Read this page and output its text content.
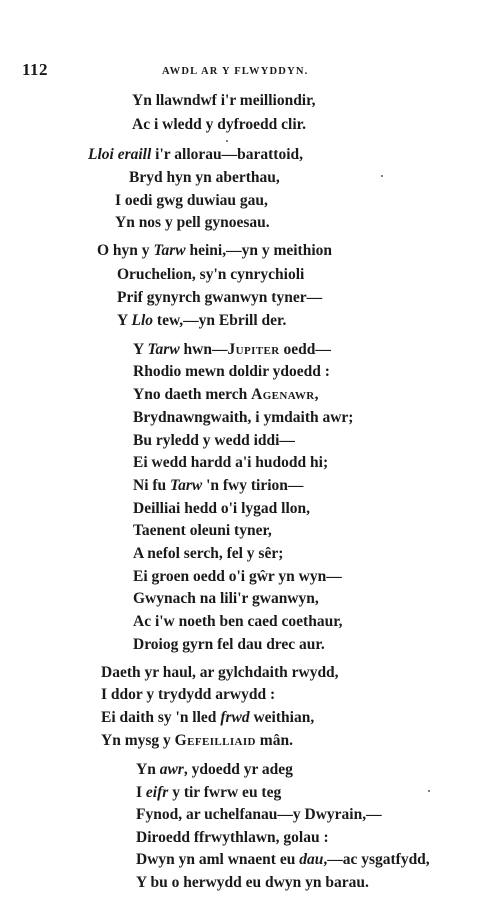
112	AWDL AR Y FLWYDDYN.
Yn llawndwf i'r meilliondir,
Ac i wledd y dyfroedd clir.
Lloi eraill i'r allorau—barattoid,
Bryd hyn yn aberthau,
I oedi gwg duwiau gau,
Yn nos y pell gynoesau.
O hyn y Tarw heini,—yn y meithion
Oruchelion, sy'n cynrychioli
Prif gynyrch gwanwyn tyner—
Y Llo tew,—yn Ebrill der.
Y Tarw hwn—Jupiter oedd—
Rhodio mewn doldir ydoedd :
Yno daeth merch Agenawr,
Brydnawngwaith, i ymdaith awr;
Bu ryledd y wedd iddi—
Ei wedd hardd a'i hudodd hi;
Ni fu Tarw 'n fwy tirion—
Deilliai hedd o'i lygad llon,
Taenent oleuni tyner,
A nefol serch, fel y sêr;
Ei groen oedd o'i gŵr yn wyn—
Gwynach na lili'r gwanwyn,
Ac i'w noeth ben caed coethaur,
Droiog gyrn fel dau drec aur.
Daeth yr haul, ar gylchdaith rwydd,
I ddor y trydydd arwydd :
Ei daith sy 'n lled frwd weithian,
Yn mysg y Gefeilliaid mân.
Yn awr, ydoedd yr adeg
I eifr y tir fwrw eu teg
Fynod, ar uchelfanau—y Dwyrain,—
Diroedd ffrwythlawn, golau :
Dwyn yn aml wnaent eu dau,—ac ysgatfydd,
Y bu o herwydd eu dwyn yn barau.
